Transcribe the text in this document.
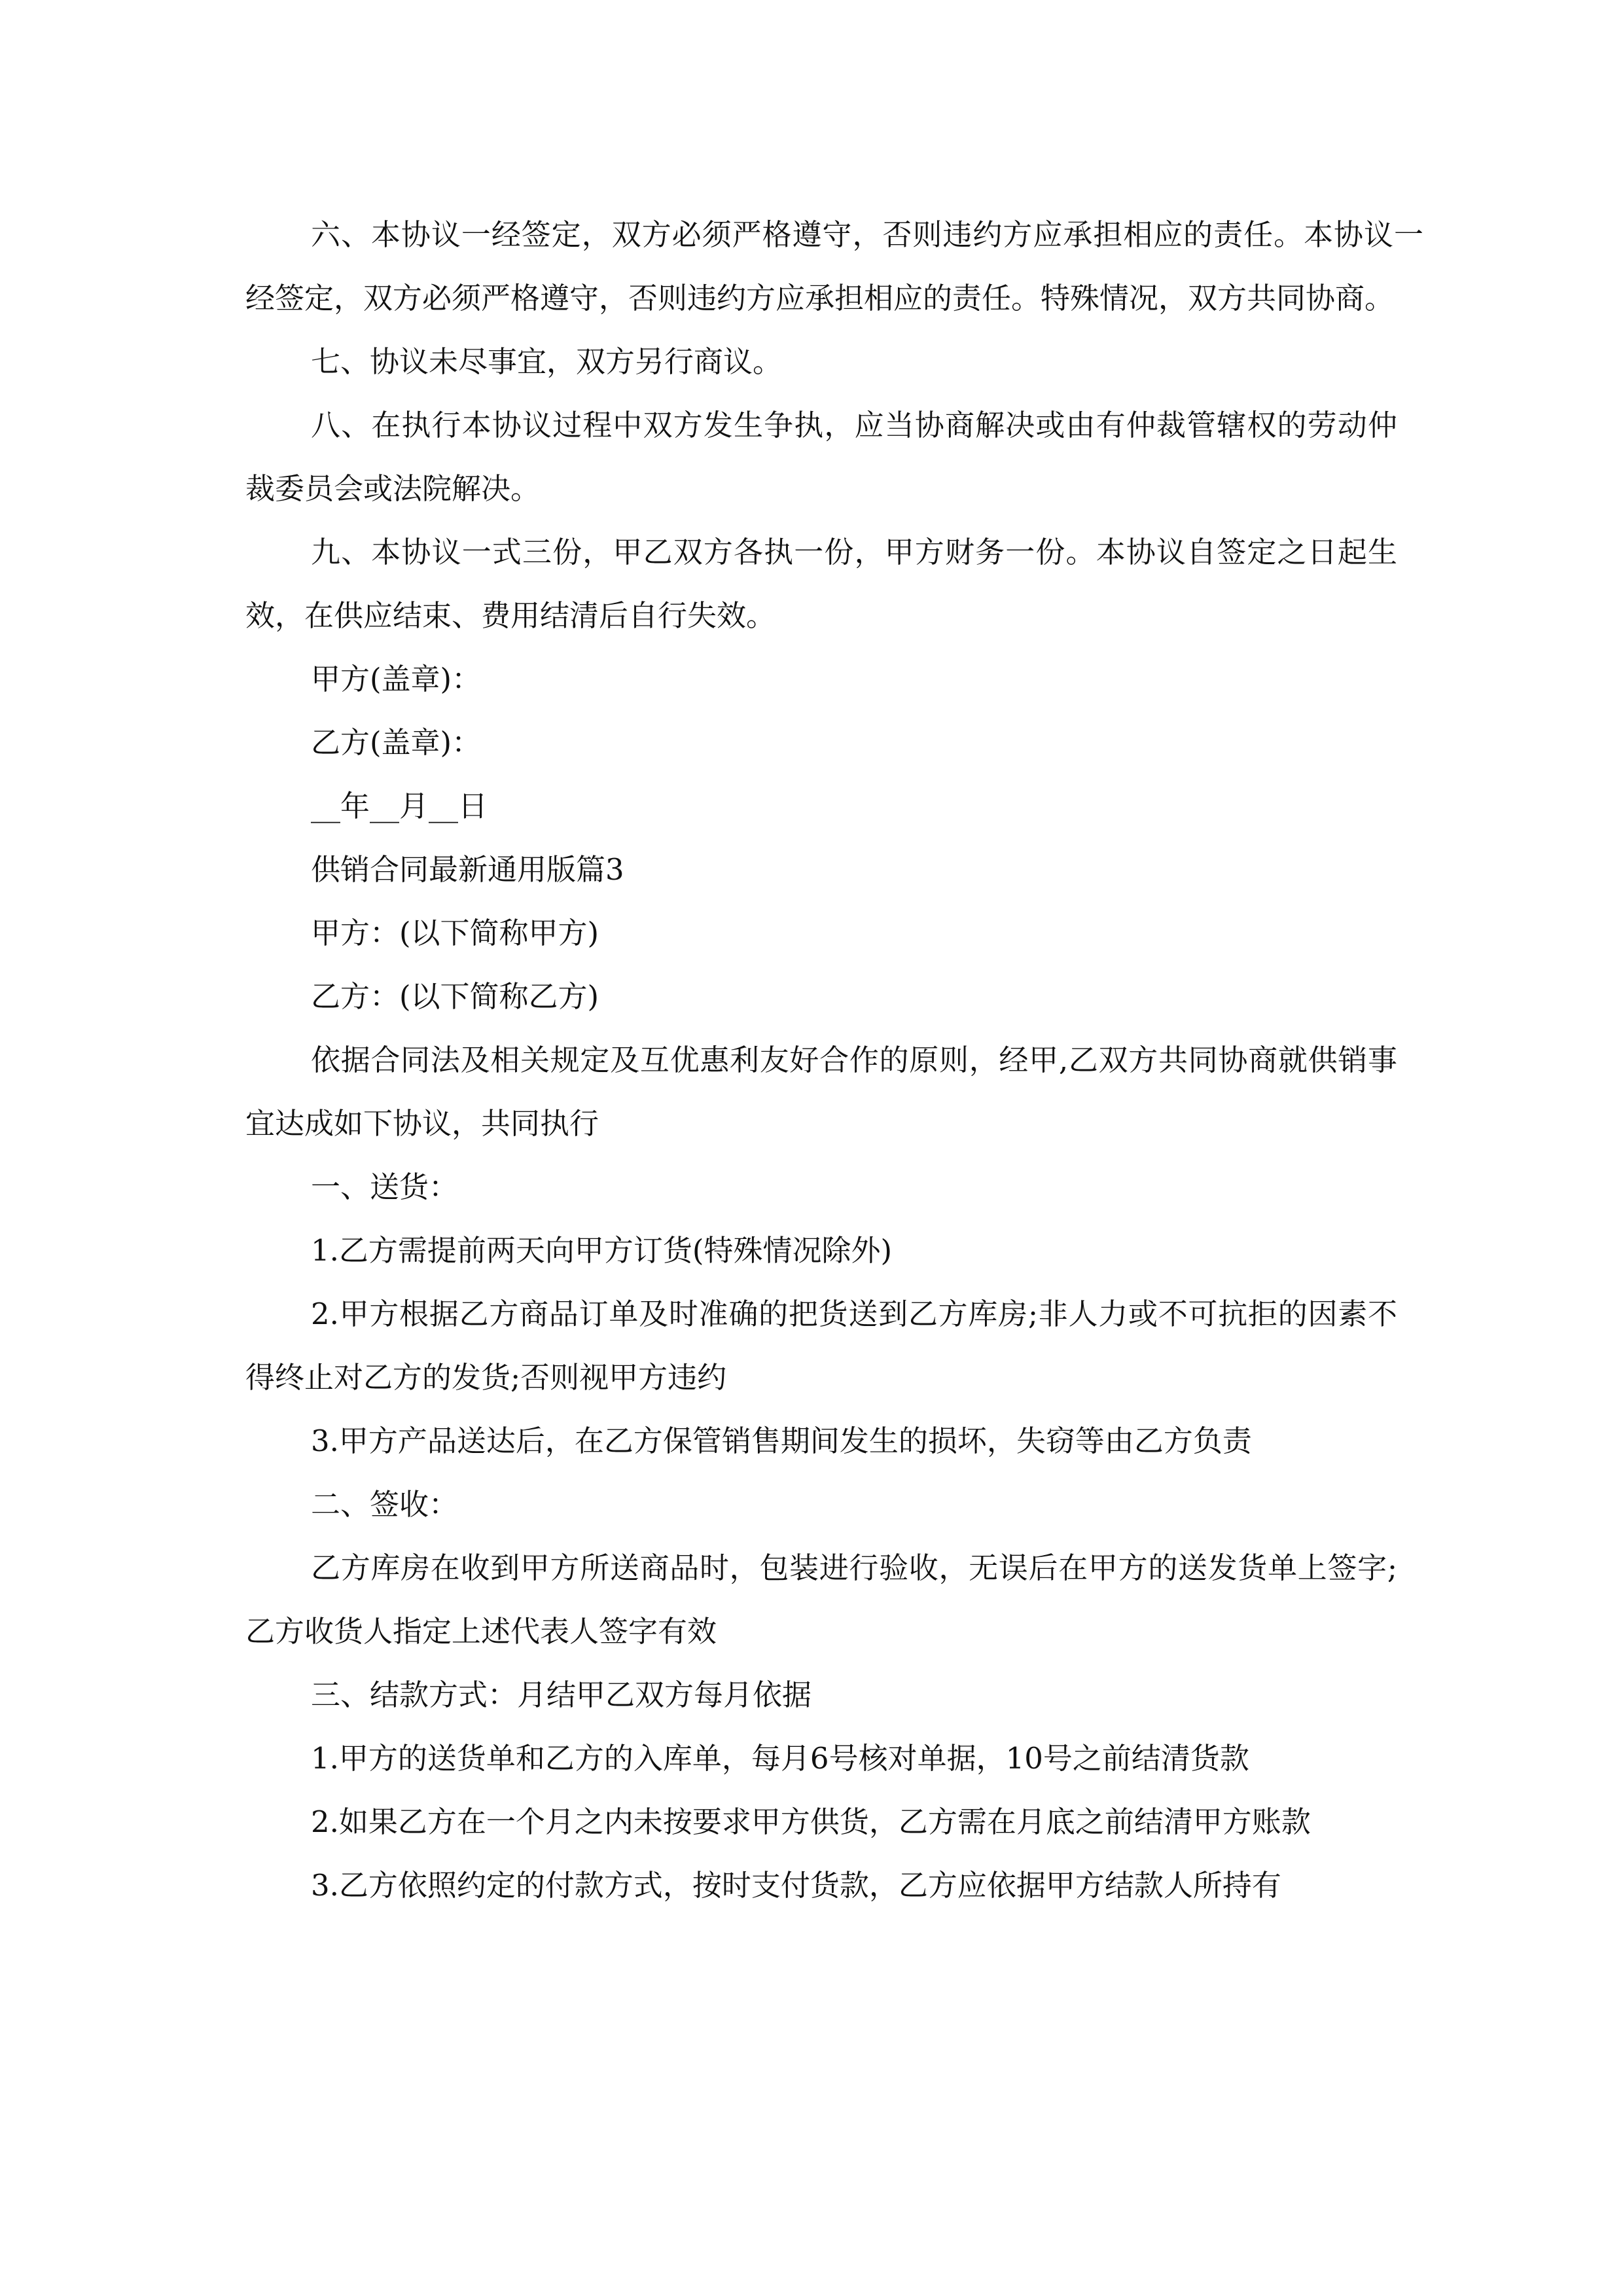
六、本协议一经签定，双方必须严格遵守，否则违约方应承担相应的责任。本协议一经签定，双方必须严格遵守，否则违约方应承担相应的责任。特殊情况，双方共同协商。

七、协议未尽事宜，双方另行商议。

八、在执行本协议过程中双方发生争执，应当协商解决或由有仲裁管辖权的劳动仲裁委员会或法院解决。

九、本协议一式三份，甲乙双方各执一份，甲方财务一份。本协议自签定之日起生效，在供应结束、费用结清后自行失效。

甲方(盖章)：

乙方(盖章)：

__年__月__日

供销合同最新通用版篇3

甲方：(以下简称甲方)

乙方：(以下简称乙方)

依据合同法及相关规定及互优惠利友好合作的原则，经甲,乙双方共同协商就供销事宜达成如下协议，共同执行

一、送货：

1.乙方需提前两天向甲方订货(特殊情况除外)

2.甲方根据乙方商品订单及时准确的把货送到乙方库房;非人力或不可抗拒的因素不得终止对乙方的发货;否则视甲方违约

3.甲方产品送达后，在乙方保管销售期间发生的损坏，失窃等由乙方负责

二、签收：

乙方库房在收到甲方所送商品时，包装进行验收，无误后在甲方的送发货单上签字;乙方收货人指定上述代表人签字有效

三、结款方式：月结甲乙双方每月依据

1.甲方的送货单和乙方的入库单，每月6号核对单据，10号之前结清货款

2.如果乙方在一个月之内未按要求甲方供货，乙方需在月底之前结清甲方账款

3.乙方依照约定的付款方式，按时支付货款，乙方应依据甲方结款人所持有
